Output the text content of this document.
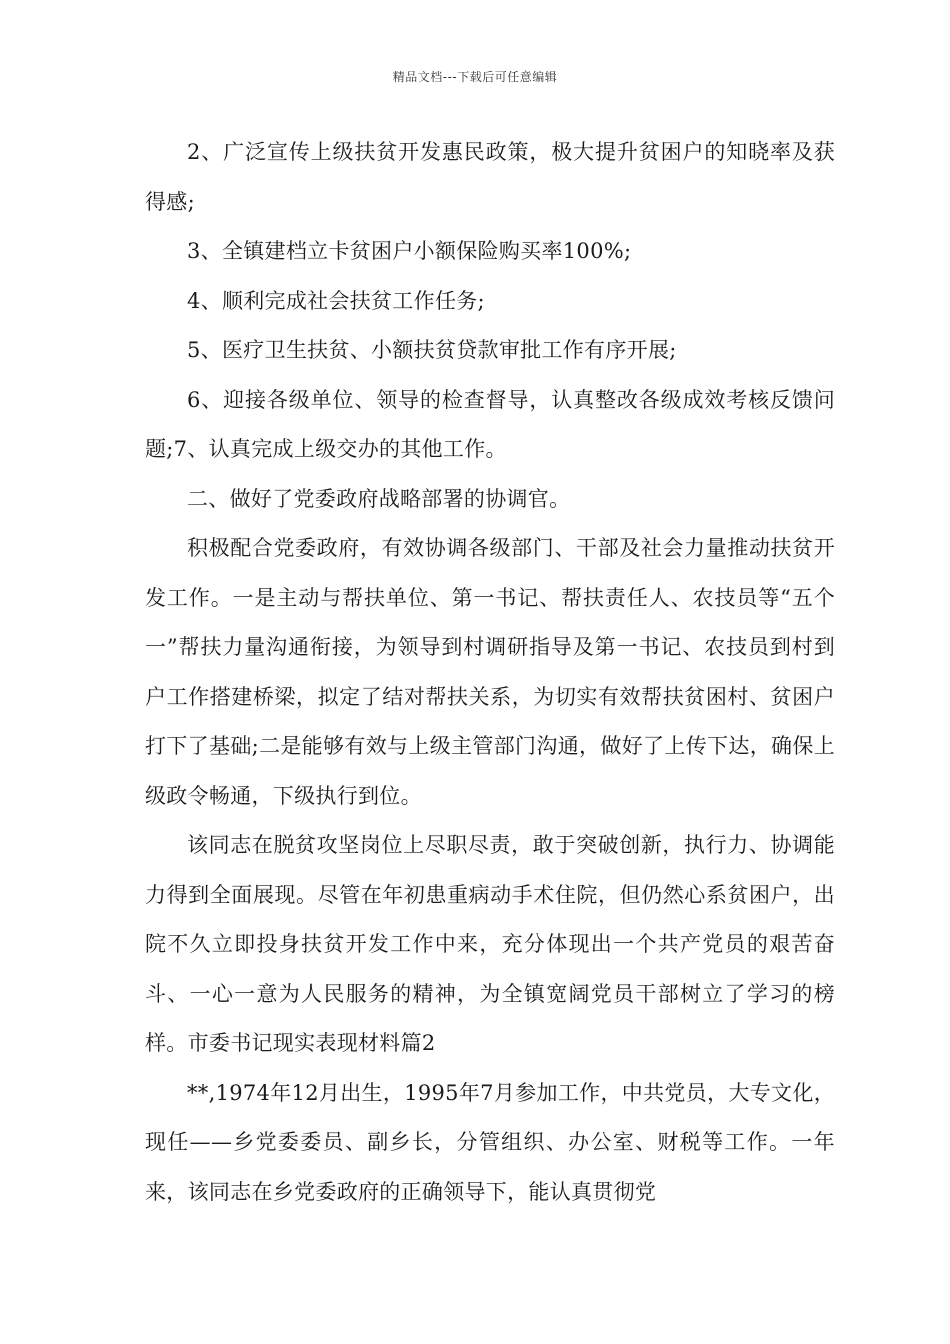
精品文档---下载后可任意编辑

2、广泛宣传上级扶贫开发惠民政策，极大提升贫困户的知晓率及获得感;

3、全镇建档立卡贫困户小额保险购买率100%;

4、顺利完成社会扶贫工作任务;

5、医疗卫生扶贫、小额扶贫贷款审批工作有序开展;

6、迎接各级单位、领导的检查督导，认真整改各级成效考核反馈问题;7、认真完成上级交办的其他工作。

二、做好了党委政府战略部署的协调官。

积极配合党委政府，有效协调各级部门、干部及社会力量推动扶贫开发工作。一是主动与帮扶单位、第一书记、帮扶责任人、农技员等“五个一”帮扶力量沟通衔接，为领导到村调研指导及第一书记、农技员到村到户工作搭建桥梁，拟定了结对帮扶关系，为切实有效帮扶贫困村、贫困户打下了基础;二是能够有效与上级主管部门沟通，做好了上传下达，确保上级政令畅通，下级执行到位。

该同志在脱贫攻坚岗位上尽职尽责，敢于突破创新，执行力、协调能力得到全面展现。尽管在年初患重病动手术住院，但仍然心系贫困户，出院不久立即投身扶贫开发工作中来，充分体现出一个共产党员的艰苦奋斗、一心一意为人民服务的精神，为全镇宽阔党员干部树立了学习的榜样。市委书记现实表现材料篇2

**,1974年12月出生，1995年7月参加工作，中共党员，大专文化，现任——乡党委委员、副乡长，分管组织、办公室、财税等工作。一年来，该同志在乡党委政府的正确领导下，能认真贯彻党
